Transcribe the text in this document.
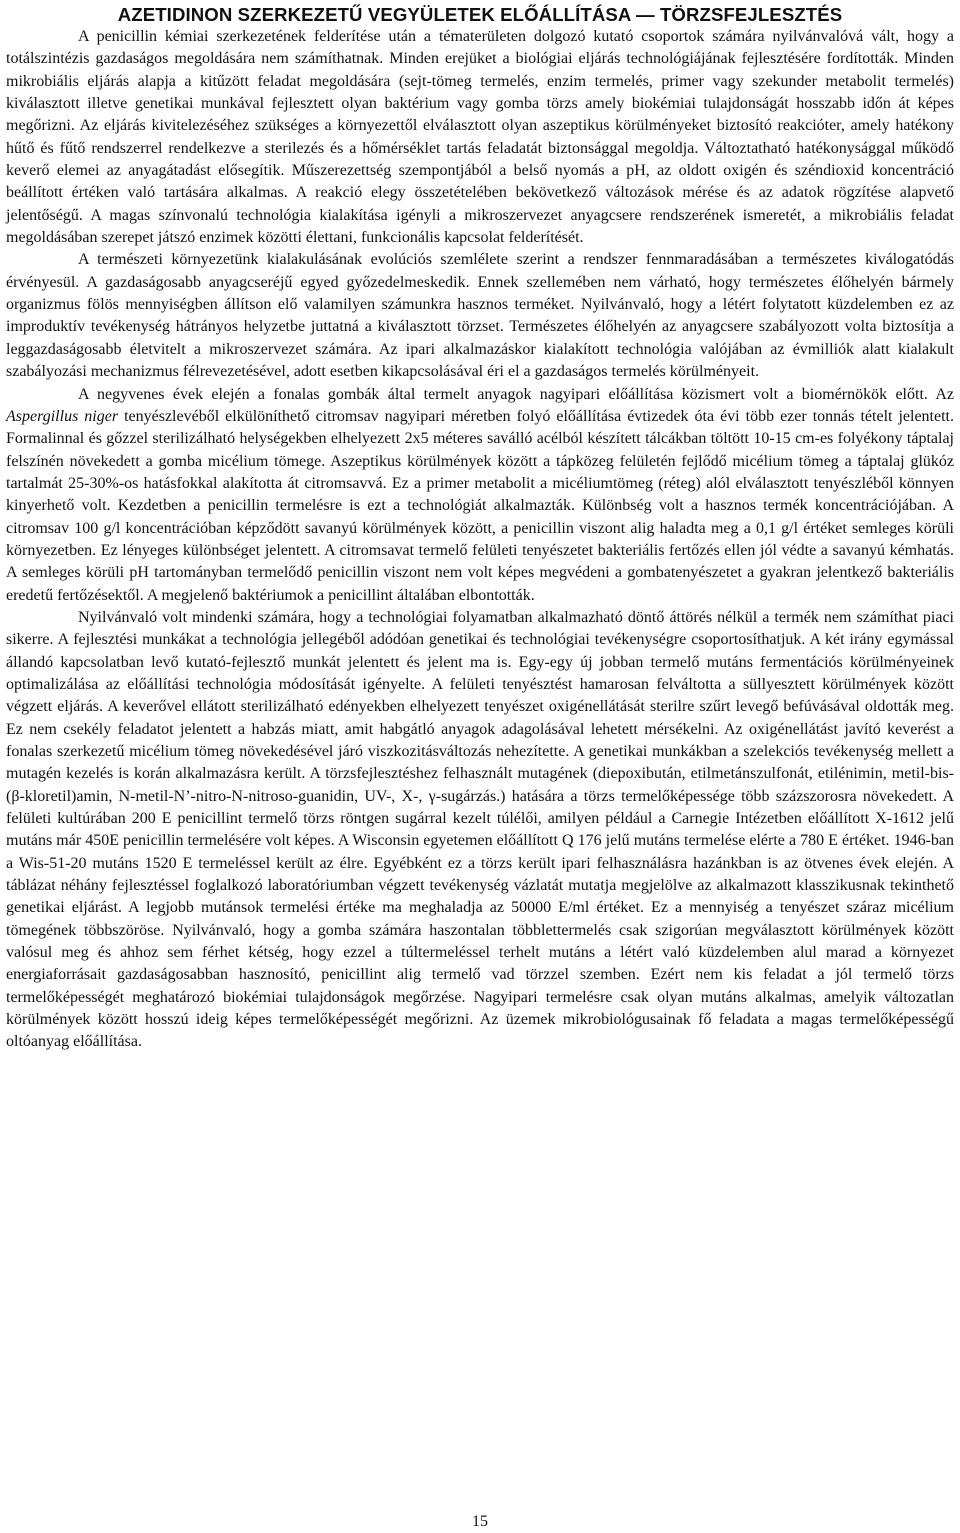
AZETIDINON SZERKEZETŰ VEGYÜLETEK ELŐÁLLÍTÁSA — TÖRZSFEJLESZTÉS

A penicillin kémiai szerkezetének felderítése után a tématerületen dolgozó kutató csoportok számára nyilvánvalóvá vált, hogy a totálszintézis gazdaságos megoldására nem számíthatnak. Minden erejüket a biológiai eljárás technológiájának fejlesztésére fordították. Minden mikrobiális eljárás alapja a kitűzött feladat megoldására (sejt-tömeg termelés, enzim termelés, primer vagy szekunder metabolit termelés) kiválasztott illetve genetikai munkával fejlesztett olyan baktérium vagy gomba törzs amely biokémiai tulajdonságát hosszabb időn át képes megőrizni. Az eljárás kivitelezéséhez szükséges a környezettől elválasztott olyan aszeptikus körülményeket biztosító reakcióter, amely hatékony hűtő és fűtő rendszerrel rendelkezve a sterilezés és a hőmérséklet tartás feladatát biztonsággal megoldja. Változtatható hatékonysággal működő keverő elemei az anyagátadást elősegítik. Műszerezettség szempontjából a belső nyomás a pH, az oldott oxigén és széndioxid koncentráció beállított értéken való tartására alkalmas. A reakció elegy összetételében bekövetkező változások mérése és az adatok rögzítése alapvető jelentőségű. A magas színvonalú technológia kialakítása igényli a mikroszervezet anyagcsere rendszerének ismeretét, a mikrobiális feladat megoldásában szerepet játszó enzimek közötti élettani, funkcionális kapcsolat felderítését.

A természeti környezetünk kialakulásának evolúciós szemlélete szerint a rendszer fennmaradásában a természetes kiválogatódás érvényesül. A gazdaságosabb anyagcseréjű egyed győzedelmeskedik. Ennek szellemében nem várható, hogy természetes élőhelyén bármely organizmus fölös mennyiségben állítson elő valamilyen számunkra hasznos terméket. Nyilvánvaló, hogy a létért folytatott küzdelemben ez az improduktív tevékenység hátrányos helyzetbe juttatná a kiválasztott törzset. Természetes élőhelyén az anyagcsere szabályozott volta biztosítja a leggazdaságosabb életvitelt a mikroszervezet számára. Az ipari alkalmazáskor kialakított technológia valójában az évmilliók alatt kialakult szabályozási mechanizmus félrevezetésével, adott esetben kikapcsolásával éri el a gazdaságos termelés körülményeit.

A negyvenes évek elején a fonalas gombák által termelt anyagok nagyipari előállítása közismert volt a biomérnökök előtt. Az Aspergillus niger tenyészlevéből elkülöníthető citromsav nagyipari méretben folyó előállítása évtizedek óta évi több ezer tonnás tételt jelentett. Formalinnal és gőzzel sterilizálható helységekben elhelyezett 2x5 méteres saválló acélból készített tálcákban töltött 10-15 cm-es folyékony táptalaj felszínén növekedett a gomba micélium tömege. Aszeptikus körülmények között a tápközeg felületén fejlődő micélium tömeg a táptalaj glükóz tartalmát 25-30%-os hatásfokkal alakította át citromsavvá. Ez a primer metabolit a micéliumtömeg (réteg) alól elválasztott tenyészléből könnyen kinyerhető volt. Kezdetben a penicillin termelésre is ezt a technológiát alkalmazták. Különbség volt a hasznos termék koncentrációjában. A citromsav 100 g/l koncentrációban képződött savanyú körülmények között, a penicillin viszont alig haladta meg a 0,1 g/l értéket semleges körüli környezetben. Ez lényeges különbséget jelentett. A citromsavat termelő felületi tenyészetet bakteriális fertőzés ellen jól védte a savanyú kémhatás. A semleges körüli pH tartományban termelődő penicillin viszont nem volt képes megvédeni a gombatenyészetet a gyakran jelentkező bakteriális eredetű fertőzésektől. A megjelenő baktériumok a penicillint általában elbontották.

Nyilvánvaló volt mindenki számára, hogy a technológiai folyamatban alkalmazható döntő áttörés nélkül a termék nem számíthat piaci sikerre. A fejlesztési munkákat a technológia jellegéből adódóan genetikai és technológiai tevékenységre csoportosíthatjuk. A két irány egymással állandó kapcsolatban levő kutató-fejlesztő munkát jelentett és jelent ma is. Egy-egy új jobban termelő mutáns fermentációs körülményeinek optimalizálása az előállítási technológia módosítását igényelte. A felületi tenyésztést hamarosan felváltotta a süllyesztett körülmények között végzett eljárás. A keverővel ellátott sterilizálható edényekben elhelyezett tenyészet oxigénellátását sterilre szűrt levegő befúvásával oldották meg. Ez nem csekély feladatot jelentett a habzás miatt, amit habgátló anyagok adagolásával lehetett mérsékelni. Az oxigénellátást javító keverést a fonalas szerkezetű micélium tömeg növekedésével járó viszkozitásváltozás nehezítette. A genetikai munkákban a szelekciós tevékenység mellett a mutagén kezelés is korán alkalmazásra került. A törzsfejlesztéshez felhasznált mutagének (diepoxibután, etilmetánszulfonát, etilénimin, metil-bis-(β-kloretil)amin, N-metil-N’-nitro-N-nitroso-guanidin, UV-, X-, γ-sugárzás.) hatására a törzs termelőképessége több százszorosra növekedett. A felületi kultúrában 200 E penicillint termelő törzs röntgen sugárral kezelt túlélői, amilyen például a Carnegie Intézetben előállított X-1612 jelű mutáns már 450E penicillin termelésére volt képes. A Wisconsin egyetemen előállított Q 176 jelű mutáns termelése elérte a 780 E értéket. 1946-ban a Wis-51-20 mutáns 1520 E termeléssel került az élre. Egyébként ez a törzs került ipari felhasználásra hazánkban is az ötvenes évek elején. A táblázat néhány fejlesztéssel foglalkozó laboratóriumban végzett tevékenység vázlatát mutatja megjelölve az alkalmazott klasszikusnak tekinthető genetikai eljárást. A legjobb mutánsok termelési értéke ma meghaladja az 50000 E/ml értéket. Ez a mennyiség a tenyészet száraz micélium tömegének többszöröse. Nyilvánvaló, hogy a gomba számára haszontalan többlettermelés csak szigorúan megválasztott körülmények között valósul meg és ahhoz sem férhet kétség, hogy ezzel a túltermeléssel terhelt mutáns a létért való küzdelemben alul marad a környezet energiaforrásait gazdaságosabban hasznosító, penicillint alig termelő vad törzzel szemben. Ezért nem kis feladat a jól termelő törzs termelőképességét meghatározó biokémiai tulajdonságok megőrzése. Nagyipari termelésre csak olyan mutáns alkalmas, amelyik változatlan körülmények között hosszú ideig képes termelőképességét megőrizni. Az üzemek mikrobiológusainak fő feladata a magas termelőképességű oltóanyag előállítása.

15
